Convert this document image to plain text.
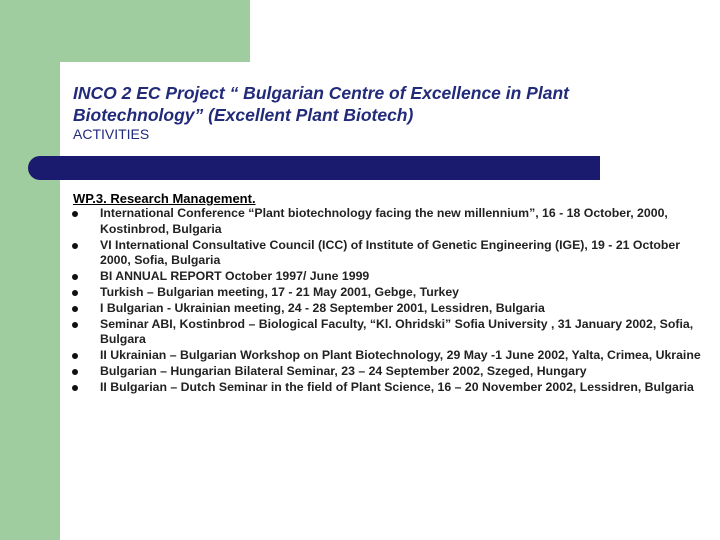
INCO 2 EC Project “ Bulgarian Centre of Excellence in Plant Biotechnology” (Excellent Plant Biotech)

ACTIVITIES

WP.3. Research Management.

International Conference “Plant biotechnology facing the new millennium”, 16 - 18 October, 2000, Kostinbrod, Bulgaria
VI International Consultative Council (ICC) of Institute of Genetic Engineering (IGE), 19 - 21 October 2000, Sofia, Bulgaria
BI ANNUAL REPORT October 1997/ June 1999
Turkish – Bulgarian meeting, 17 - 21 May 2001, Gebge, Turkey
I Bulgarian - Ukrainian meeting, 24 - 28 September 2001, Lessidren, Bulgaria
Seminar ABI, Kostinbrod – Biological Faculty, “Kl. Ohridski” Sofia University , 31 January 2002, Sofia, Bulgara
II Ukrainian – Bulgarian Workshop on Plant Biotechnology, 29 May -1 June 2002, Yalta, Crimea, Ukraine
Bulgarian – Hungarian Bilateral Seminar, 23 – 24 September 2002, Szeged, Hungary
II Bulgarian – Dutch Seminar in the field of Plant Science, 16 – 20 November 2002, Lessidren, Bulgaria
